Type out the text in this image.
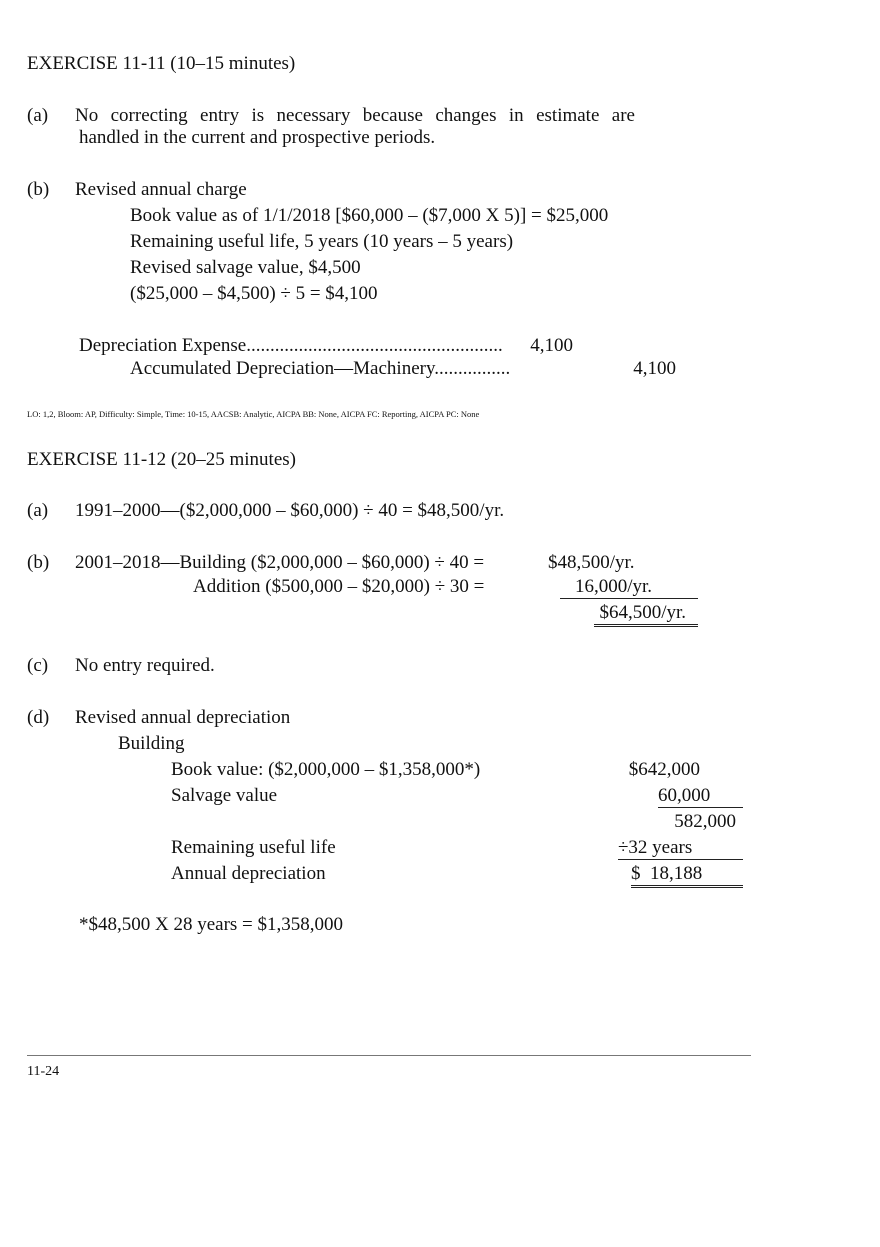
EXERCISE 11-11 (10–15 minutes)
(a) No correcting entry is necessary because changes in estimate are
handled in the current and prospective periods.
(b) Revised annual charge
Book value as of 1/1/2018 [$60,000 – ($7,000 X 5)] = $25,000
Remaining useful life, 5 years (10 years – 5 years)
Revised salvage value, $4,500
($25,000 – $4,500) ÷ 5 = $4,100
Depreciation Expense......................................................	4,100
Accumulated Depreciation—Machinery................	4,100
LO: 1,2, Bloom: AP, Difficulty: Simple, Time: 10-15, AACSB: Analytic, AICPA BB: None, AICPA FC: Reporting, AICPA PC: None
EXERCISE 11-12 (20–25 minutes)
(a) 1991–2000—($2,000,000 – $60,000) ÷ 40 = $48,500/yr.
(b) 2001–2018—Building ($2,000,000 – $60,000) ÷ 40 =	$48,500/yr.
Addition ($500,000 – $20,000) ÷ 30 =	16,000/yr.
$64,500/yr.
(c) No entry required.
(d) Revised annual depreciation
Building
Book value: ($2,000,000 – $1,358,000*)	$642,000
Salvage value	60,000
582,000
Remaining useful life	÷32 years
Annual depreciation	$  18,188
*$48,500 X 28 years = $1,358,000
11-24
